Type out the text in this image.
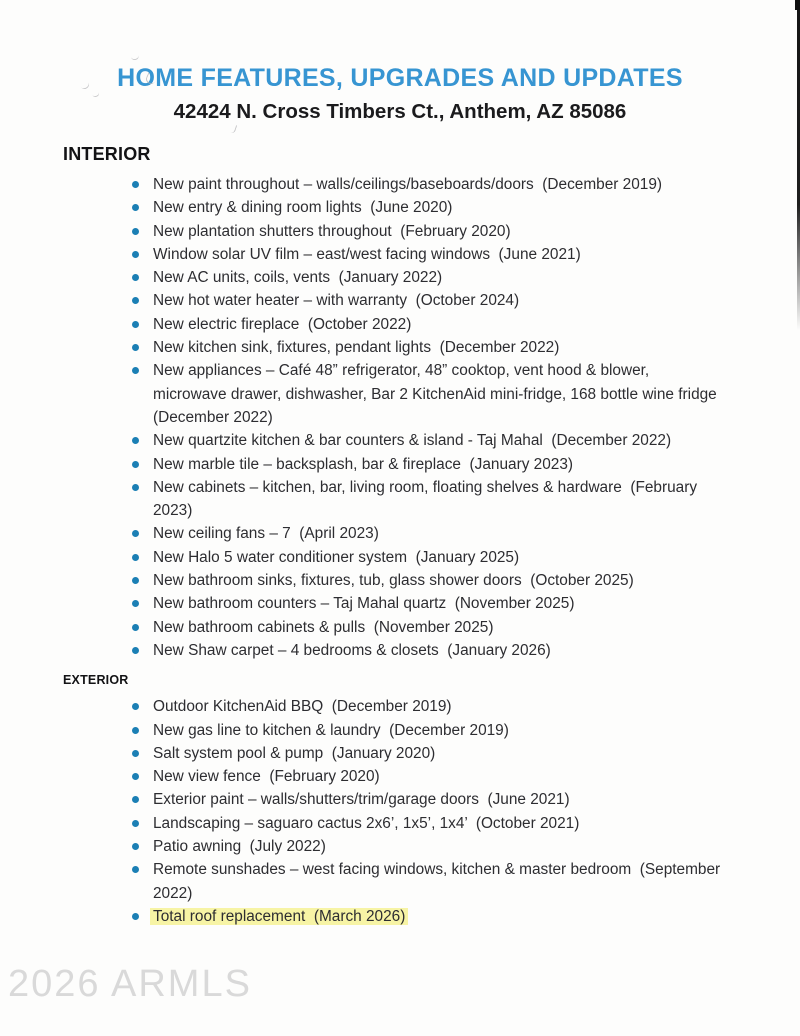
HOME FEATURES, UPGRADES AND UPDATES
42424 N. Cross Timbers Ct., Anthem, AZ 85086
INTERIOR
New paint throughout – walls/ceilings/baseboards/doors  (December 2019)
New entry & dining room lights  (June 2020)
New plantation shutters throughout  (February 2020)
Window solar UV film – east/west facing windows  (June 2021)
New AC units, coils, vents  (January 2022)
New hot water heater – with warranty  (October 2024)
New electric fireplace  (October 2022)
New kitchen sink, fixtures, pendant lights  (December 2022)
New appliances – Café 48” refrigerator, 48” cooktop, vent hood & blower, microwave drawer, dishwasher, Bar 2 KitchenAid mini-fridge, 168 bottle wine fridge  (December 2022)
New quartzite kitchen & bar counters & island - Taj Mahal  (December 2022)
New marble tile – backsplash, bar & fireplace  (January 2023)
New cabinets – kitchen, bar, living room, floating shelves & hardware  (February 2023)
New ceiling fans – 7  (April 2023)
New Halo 5 water conditioner system  (January 2025)
New bathroom sinks, fixtures, tub, glass shower doors  (October 2025)
New bathroom counters – Taj Mahal quartz  (November 2025)
New bathroom cabinets & pulls  (November 2025)
New Shaw carpet – 4 bedrooms & closets  (January 2026)
EXTERIOR
Outdoor KitchenAid BBQ  (December 2019)
New gas line to kitchen & laundry  (December 2019)
Salt system pool & pump  (January 2020)
New view fence  (February 2020)
Exterior paint – walls/shutters/trim/garage doors  (June 2021)
Landscaping – saguaro cactus 2x6’, 1x5’, 1x4’  (October 2021)
Patio awning  (July 2022)
Remote sunshades – west facing windows, kitchen & master bedroom  (September 2022)
Total roof replacement  (March 2026)
2026 ARMLS
